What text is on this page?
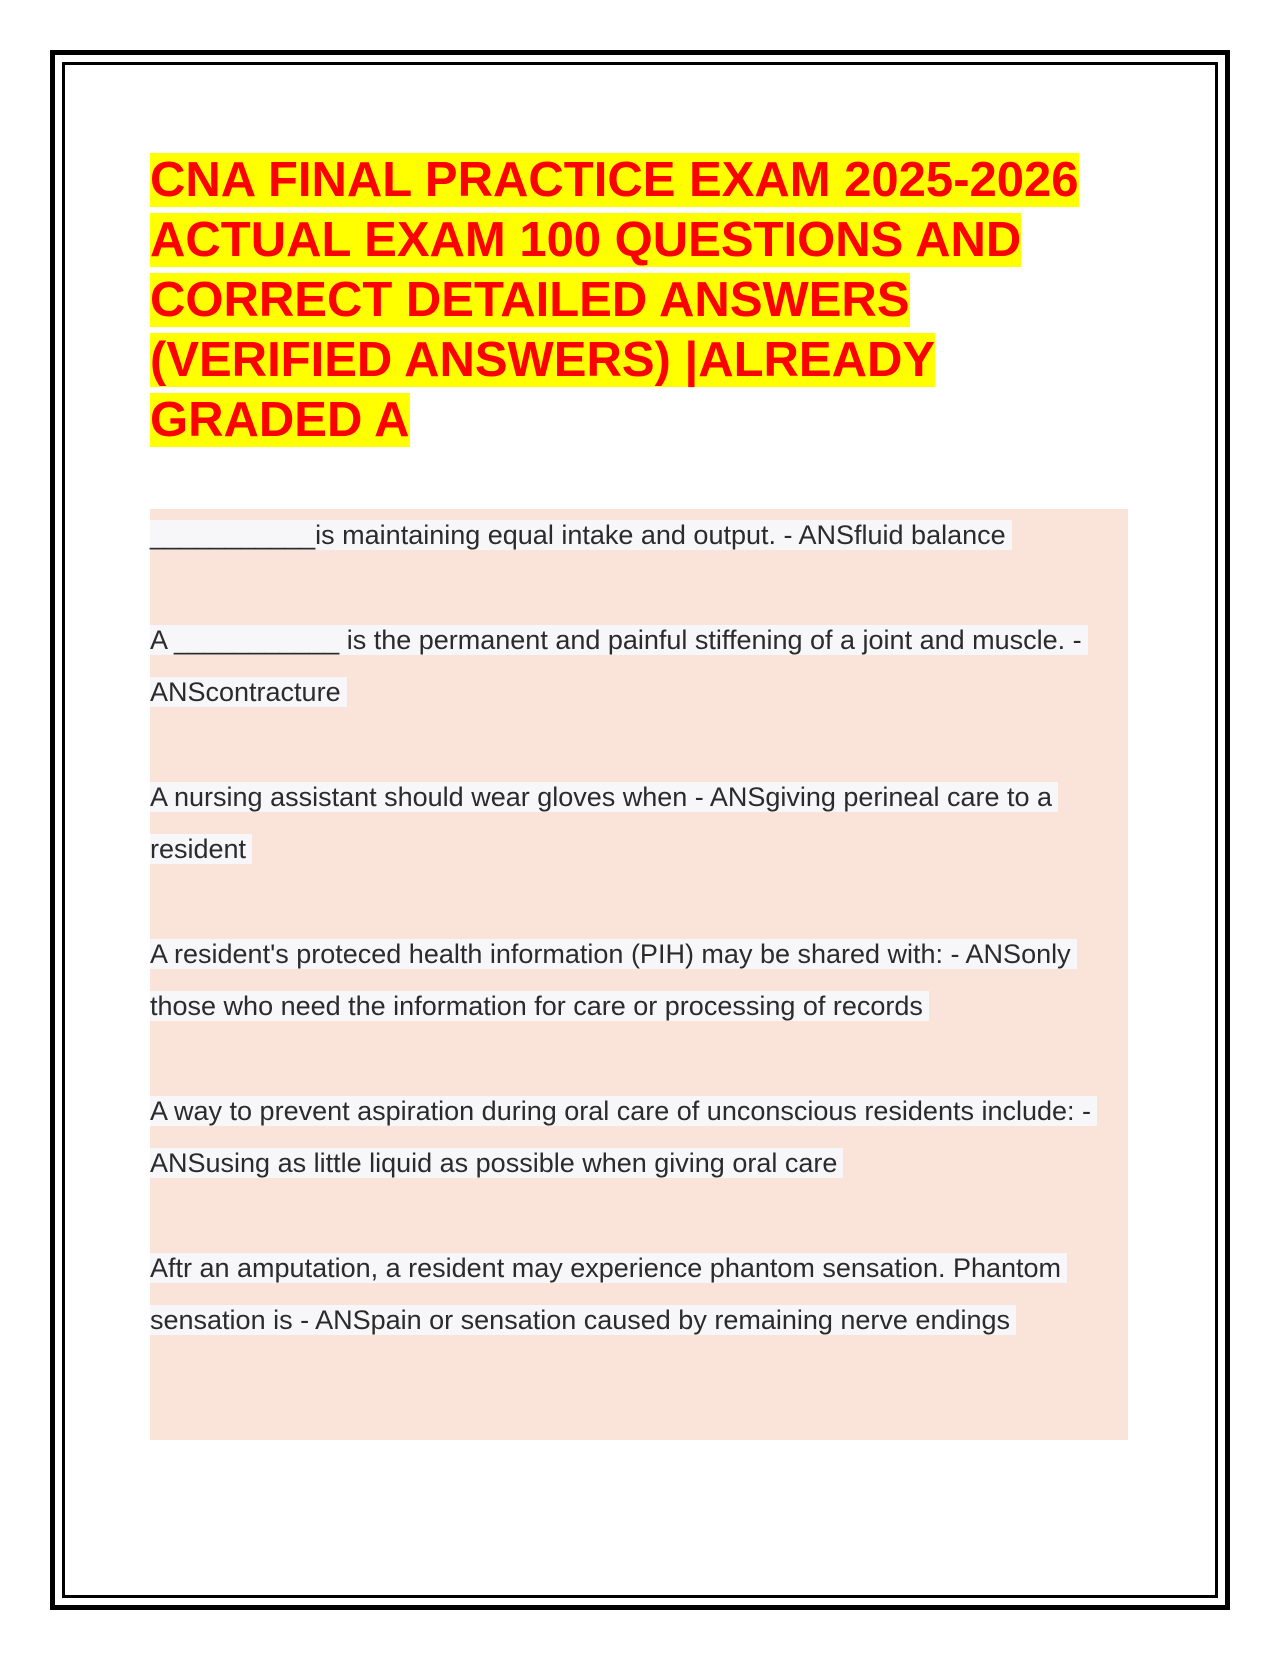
CNA FINAL PRACTICE EXAM 2025-2026 ACTUAL EXAM 100 QUESTIONS AND CORRECT DETAILED ANSWERS (VERIFIED ANSWERS) |ALREADY GRADED A

___________is maintaining equal intake and output. - ANSfluid balance

A ___________ is the permanent and painful stiffening of a joint and muscle. - ANScontracture

A nursing assistant should wear gloves when - ANSgiving perineal care to a resident

A resident's proteced health information (PIH) may be shared with: - ANSonly those who need the information for care or processing of records

A way to prevent aspiration during oral care of unconscious residents include: - ANSusing as little liquid as possible when giving oral care

Aftr an amputation, a resident may experience phantom sensation. Phantom sensation is - ANSpain or sensation caused by remaining nerve endings
